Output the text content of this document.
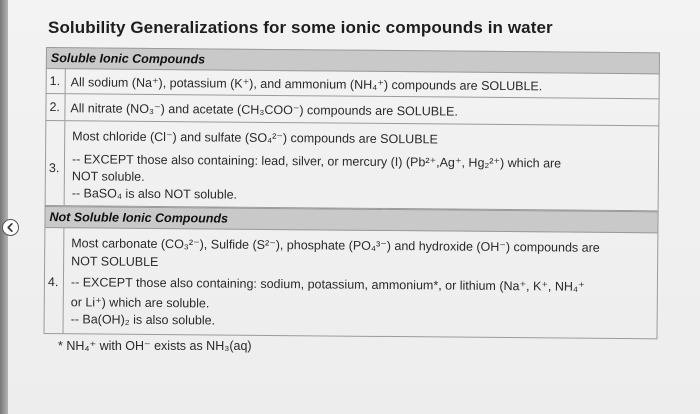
Solubility Generalizations for some ionic compounds in water
Soluble Ionic Compounds
1. All sodium (Na⁺), potassium (K⁺), and ammonium (NH₄⁺) compounds are SOLUBLE.
2. All nitrate (NO₃⁻) and acetate (CH₃COO⁻) compounds are SOLUBLE.
3.
Most chloride (Cl⁻) and sulfate (SO₄²⁻) compounds are SOLUBLE
-- EXCEPT those also containing: lead, silver, or mercury (I) (Pb²⁺,Ag⁺, Hg₂²⁺) which are
NOT soluble.
-- BaSO₄ is also NOT soluble.
Not Soluble Ionic Compounds
4.
Most carbonate (CO₃²⁻), Sulfide (S²⁻), phosphate (PO₄³⁻) and hydroxide (OH⁻) compounds are
NOT SOLUBLE
-- EXCEPT those also containing: sodium, potassium, ammonium*, or lithium (Na⁺, K⁺, NH₄⁺
or Li⁺) which are soluble.
-- Ba(OH)₂ is also soluble.
* NH₄⁺ with OH⁻ exists as NH₃(aq)
